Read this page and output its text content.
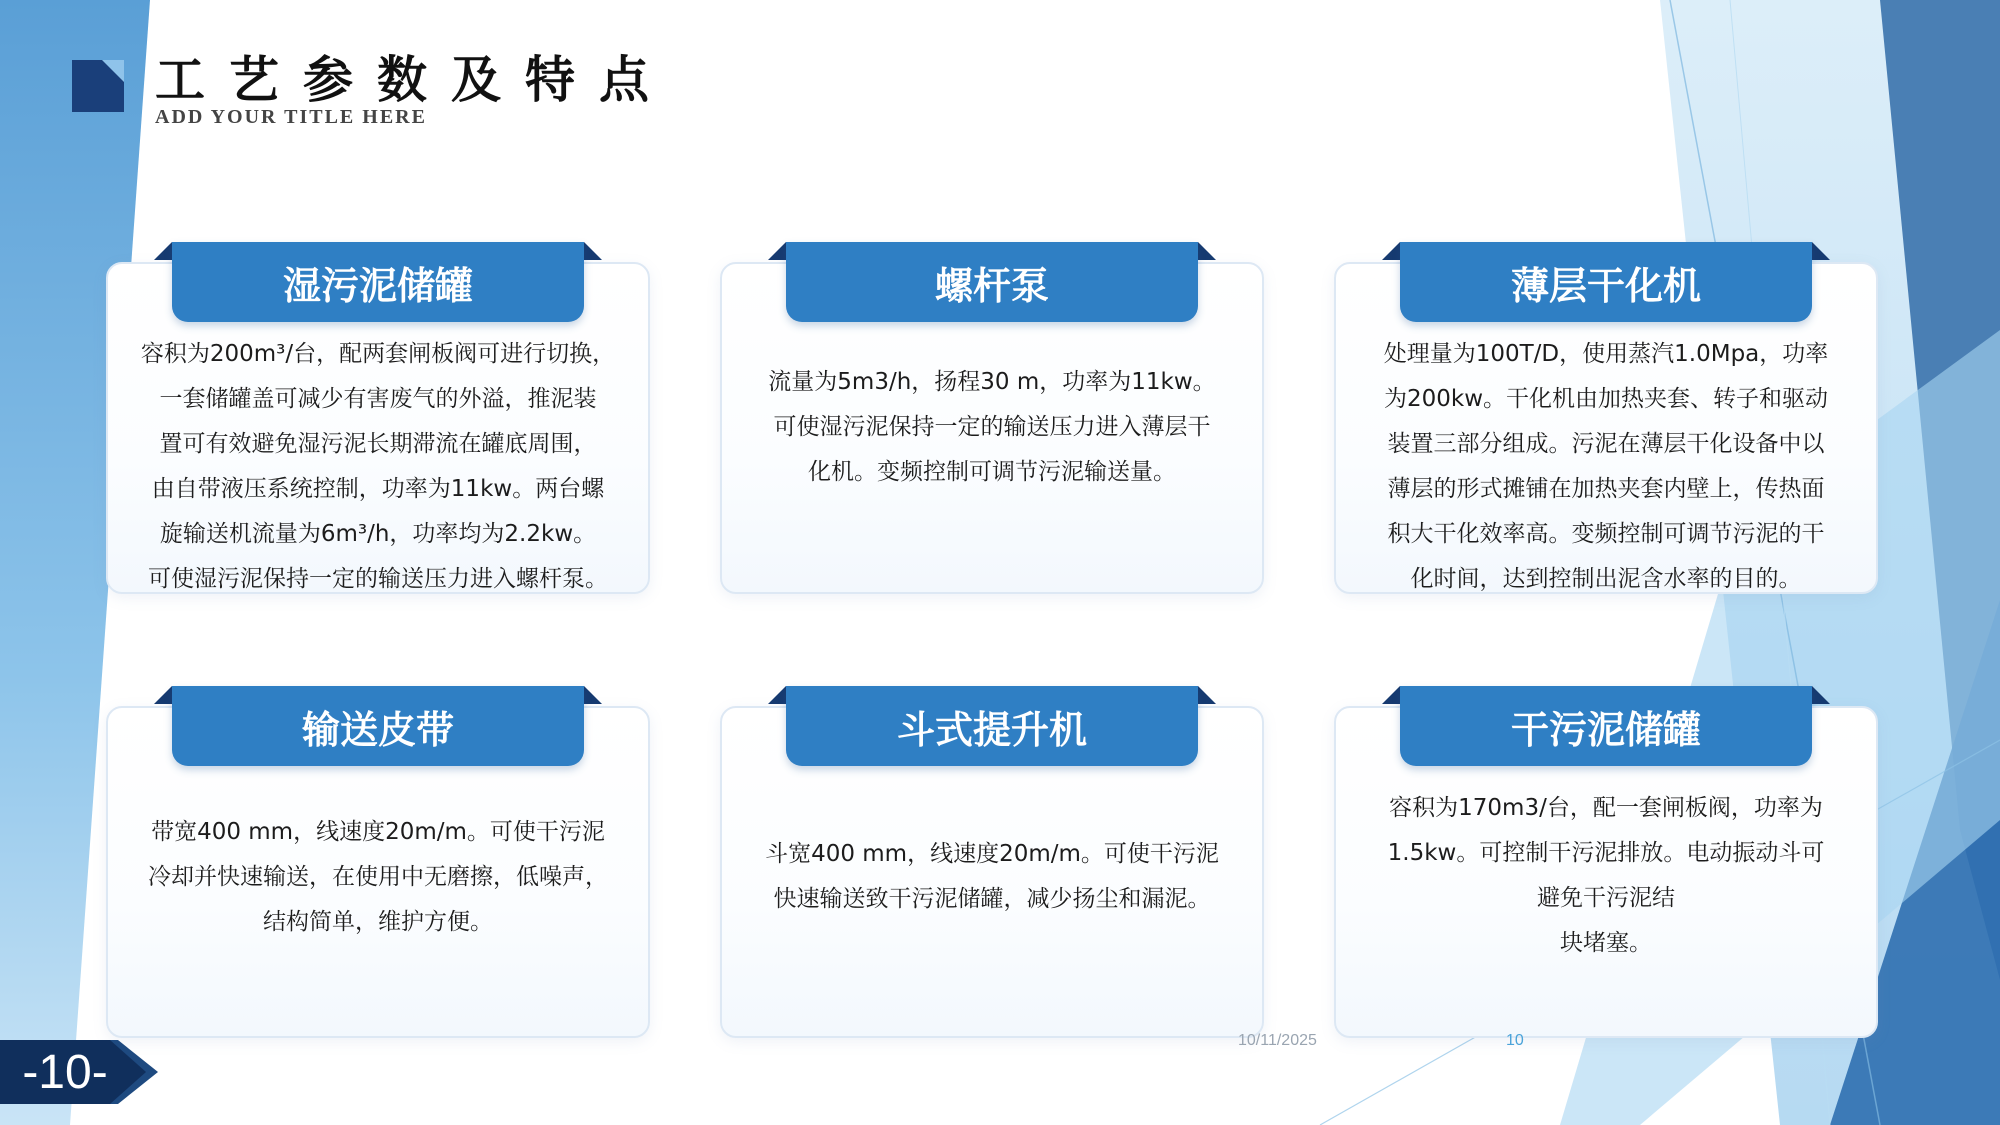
工艺参数及特点
ADD YOUR TITLE HERE
湿污泥储罐
容积为200m³/台，配两套闸板阀可进行切换，
一套储罐盖可减少有害废气的外溢，推泥装
置可有效避免湿污泥长期滞流在罐底周围，
由自带液压系统控制，功率为11kw。两台螺
旋输送机流量为6m³/h，功率均为2.2kw。
可使湿污泥保持一定的输送压力进入螺杆泵。
螺杆泵
流量为5m3/h，扬程30 m，功率为11kw。
可使湿污泥保持一定的输送压力进入薄层干
化机。变频控制可调节污泥输送量。
薄层干化机
处理量为100T/D，使用蒸汽1.0Mpa，功率
为200kw。干化机由加热夹套、转子和驱动
装置三部分组成。污泥在薄层干化设备中以
薄层的形式摊铺在加热夹套内壁上，传热面
积大干化效率高。变频控制可调节污泥的干
化时间，达到控制出泥含水率的目的。
输送皮带
带宽400 mm，线速度20m/m。可使干污泥
冷却并快速输送，在使用中无磨擦，低噪声，
结构简单，维护方便。
斗式提升机
斗宽400 mm，线速度20m/m。可使干污泥
快速输送致干污泥储罐，减少扬尘和漏泥。
干污泥储罐
容积为170m3/台，配一套闸板阀，功率为
1.5kw。可控制干污泥排放。电动振动斗可
避免干污泥结
块堵塞。
-10-
10/11/2025	10
